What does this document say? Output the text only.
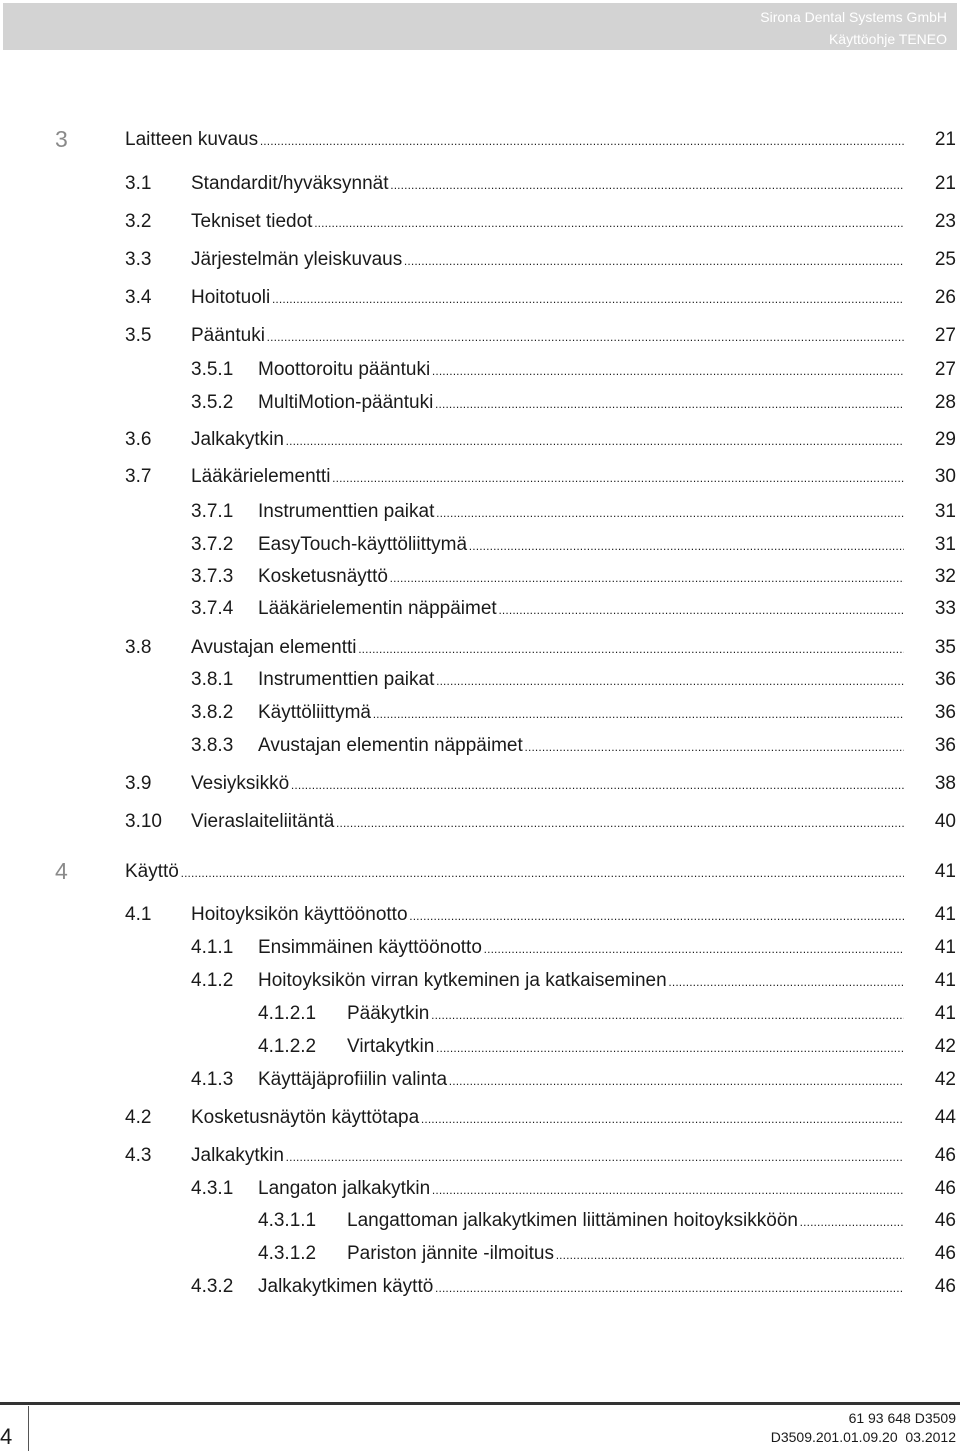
Sirona Dental Systems GmbH
Käyttöohje TENEO
3	Laitteen kuvaus . . .	21
3.1 Standardit/hyväksynnät . . .	21
3.2 Tekniset tiedot . . .	23
3.3 Järjestelmän yleiskuvaus . . .	25
3.4 Hoitotuoli . . .	26
3.5 Pääntuki . . .	27
3.5.1 Moottoroitu pääntuki . . .	27
3.5.2 MultiMotion-pääntuki . . .	28
3.6 Jalkakytkin . . .	29
3.7 Lääkärielementti . . .	30
3.7.1 Instrumenttien paikat . . .	31
3.7.2 EasyTouch-käyttöliittymä . . .	31
3.7.3 Kosketusnäyttö . . .	32
3.7.4 Lääkärielementin näppäimet . . .	33
3.8 Avustajan elementti . . .	35
3.8.1 Instrumenttien paikat . . .	36
3.8.2 Käyttöliittymä . . .	36
3.8.3 Avustajan elementin näppäimet . . .	36
3.9 Vesiyksikkö . . .	38
3.10 Vieraslaiteliitäntä . . .	40
4	Käyttö . . .	41
4.1 Hoitoyksikön käyttöönotto . . .	41
4.1.1 Ensimmäinen käyttöönotto . . .	41
4.1.2 Hoitoyksikön virran kytkeminen ja katkaiseminen . . .	41
4.1.2.1 Pääkytkin . . .	41
4.1.2.2 Virtakytkin . . .	42
4.1.3 Käyttäjäprofiilin valinta . . .	42
4.2 Kosketusnäytön käyttötapa . . .	44
4.3 Jalkakytkin . . .	46
4.3.1 Langaton jalkakytkin . . .	46
4.3.1.1 Langattoman jalkakytkimen liittäminen hoitoyksikköön . . .	46
4.3.1.2 Pariston jännite -ilmoitus . . .	46
4.3.2 Jalkakytkimen käyttö . . .	46
4
61 93 648 D3509
D3509.201.01.09.20 03.2012
